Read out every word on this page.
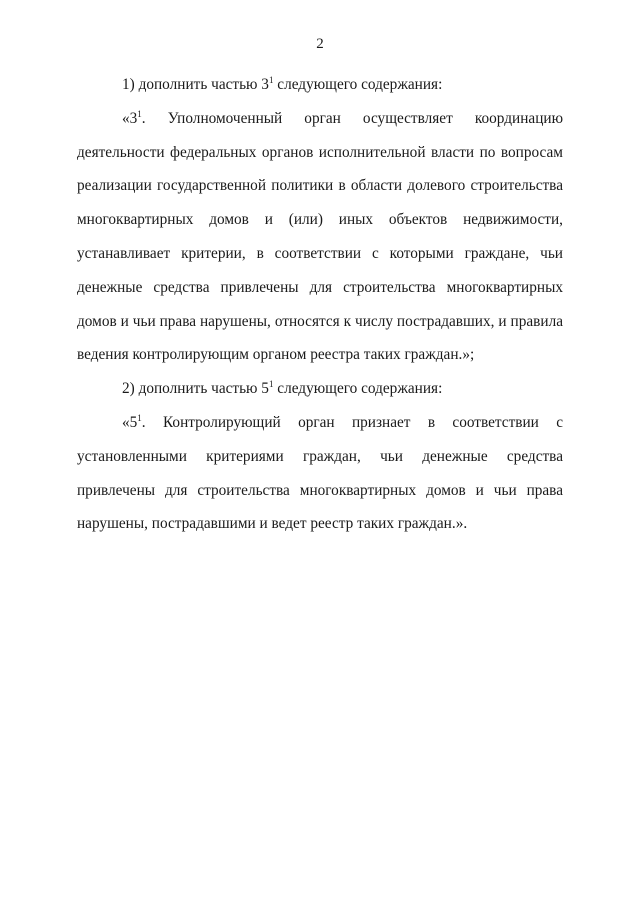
2

1) дополнить частью $3^1$ следующего содержания:

«$3^1$. Уполномоченный орган осуществляет координацию деятельности федеральных органов исполнительной власти по вопросам реализации государственной политики в области долевого строительства многоквартирных домов и (или) иных объектов недвижимости, устанавливает критерии, в соответствии с которыми граждане, чьи денежные средства привлечены для строительства многоквартирных домов и чьи права нарушены, относятся к числу пострадавших, и правила ведения контролирующим органом реестра таких граждан.»;

2) дополнить частью $5^1$ следующего содержания:

«$5^1$. Контролирующий орган признает в соответствии с установленными критериями граждан, чьи денежные средства привлечены для строительства многоквартирных домов и чьи права нарушены, пострадавшими и ведет реестр таких граждан.».
